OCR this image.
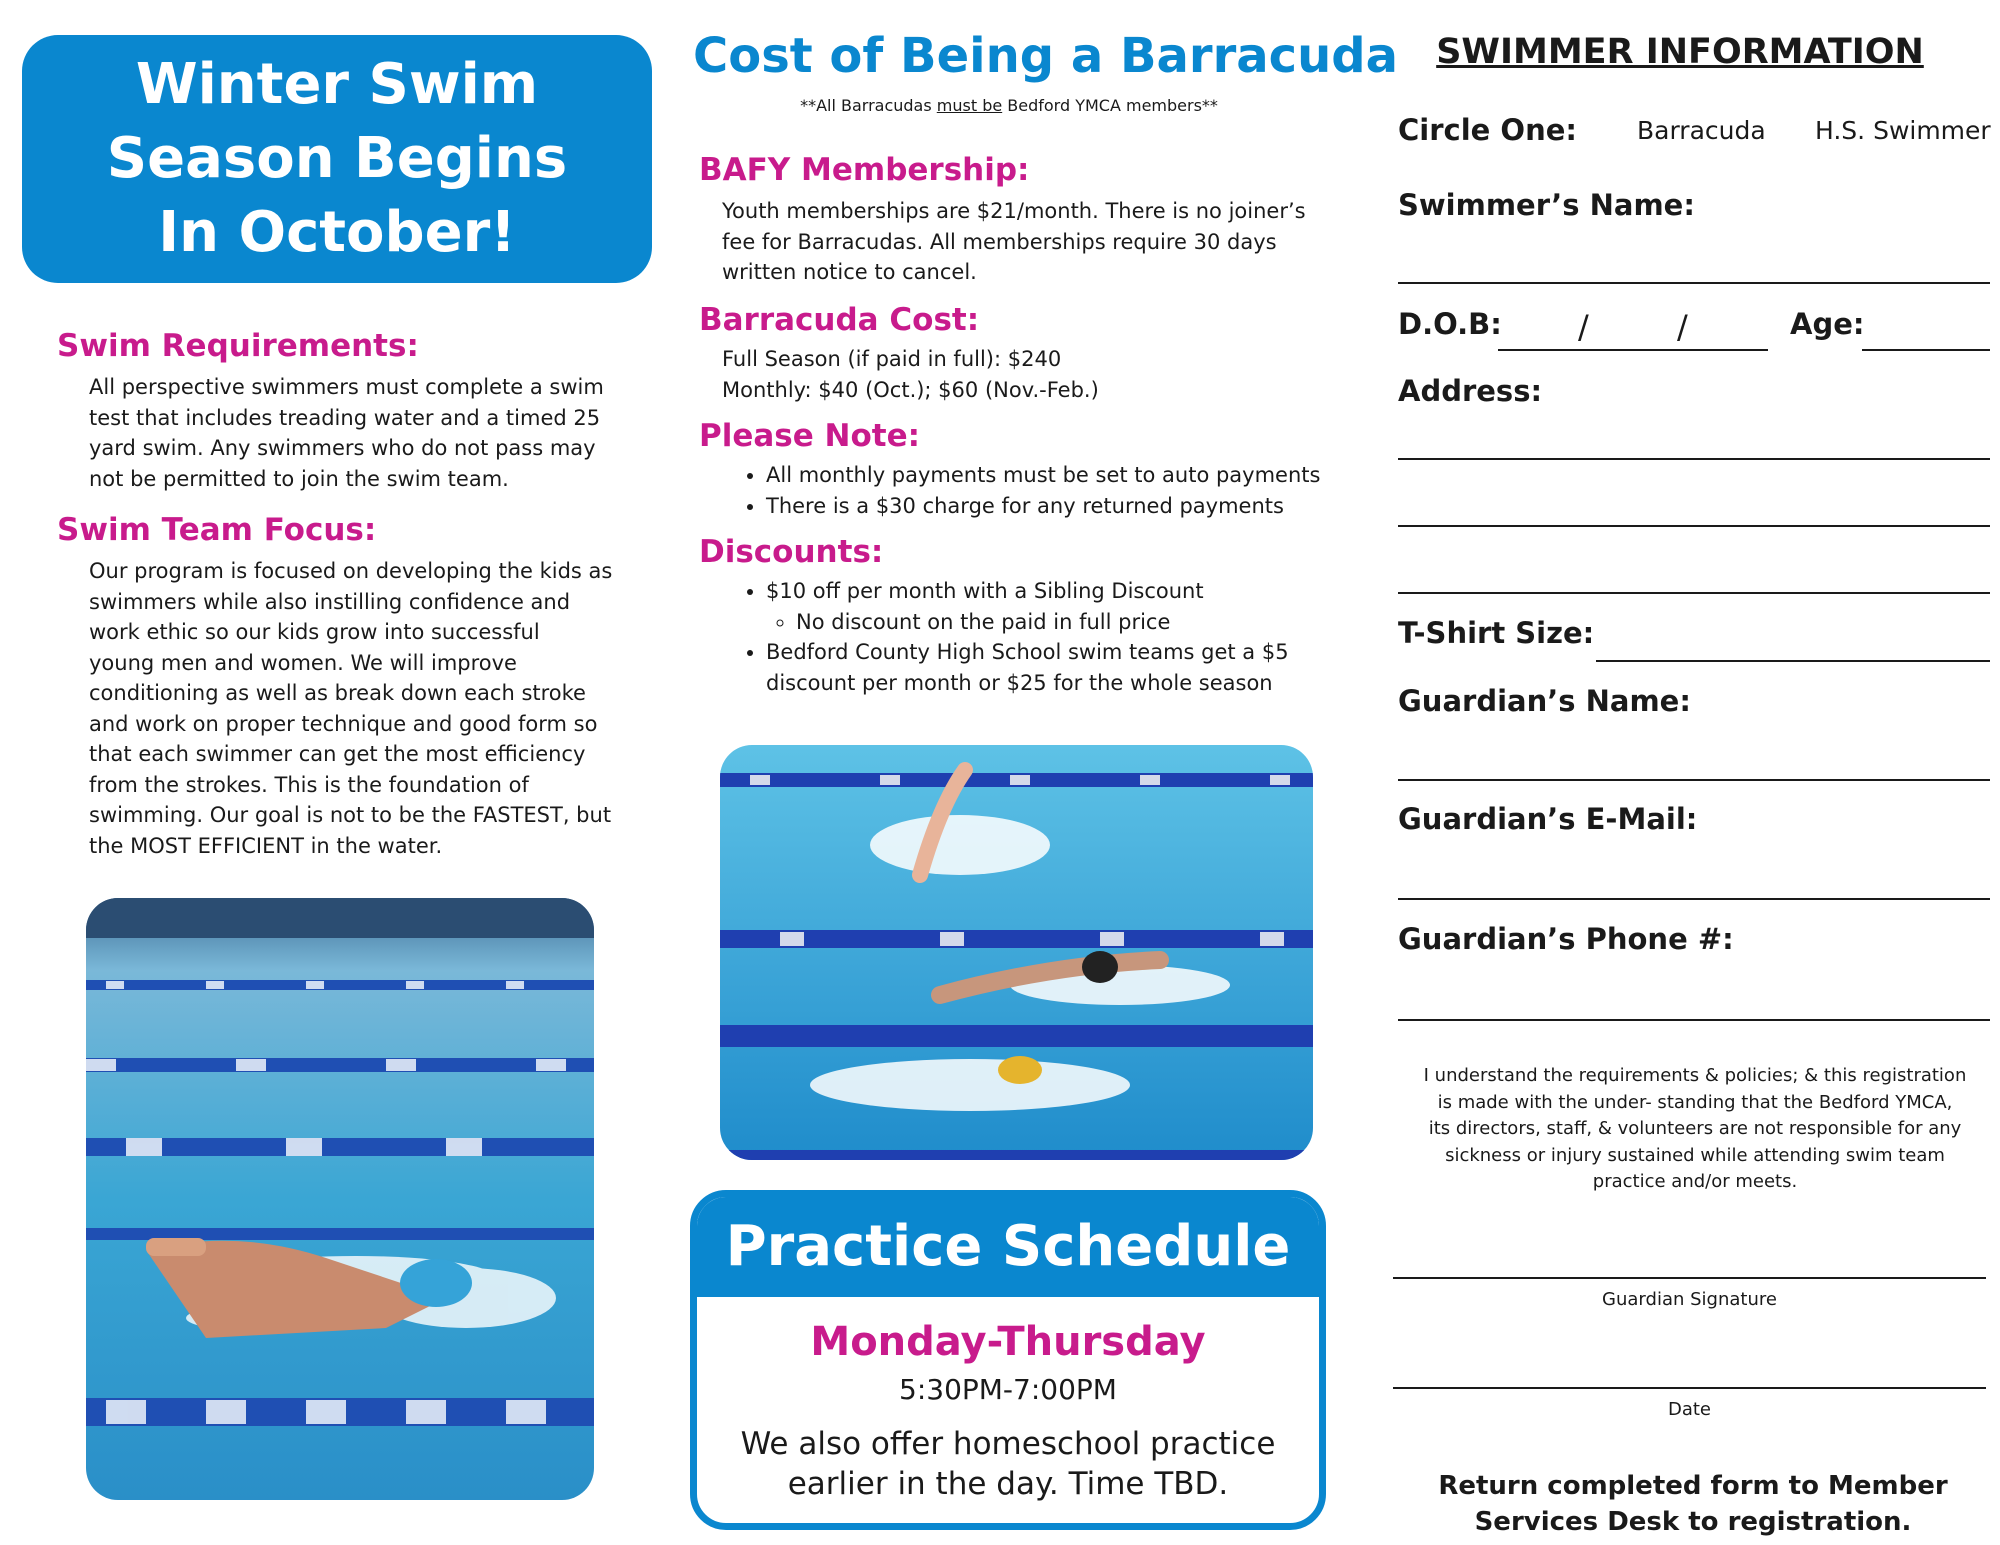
Winter Swim
Season Begins
In October!
Swim Requirements:
All perspective swimmers must complete a swim
test that includes treading water and a timed 25
yard swim. Any swimmers who do not pass may
not be permitted to join the swim team.
Swim Team Focus:
Our program is focused on developing the kids as
swimmers while also instilling confidence and
work ethic so our kids grow into successful
young men and women. We will improve
conditioning as well as break down each stroke
and work on proper technique and good form so
that each swimmer can get the most efficiency
from the strokes. This is the foundation of
swimming. Our goal is not to be the FASTEST, but
the MOST EFFICIENT in the water.
Cost of Being a Barracuda
**All Barracudas must be Bedford YMCA members**
BAFY Membership:
Youth memberships are $21/month. There is no joiner’s
fee for Barracudas. All memberships require 30 days
written notice to cancel.
Barracuda Cost:
Full Season (if paid in full): $240
Monthly: $40 (Oct.); $60 (Nov.-Feb.)
Please Note:
• All monthly payments must be set to auto payments
• There is a $30 charge for any returned payments
Discounts:
• $10 off per month with a Sibling Discount
◦ No discount on the paid in full price
• Bedford County High School swim teams get a $5
discount per month or $25 for the whole season
Practice Schedule
Monday-Thursday
5:30PM-7:00PM
We also offer homeschool practice
earlier in the day. Time TBD.
SWIMMER INFORMATION
Circle One: Barracuda H.S. Swimmer
Swimmer’s Name:
D.O.B: /	/	Age:
Address:
T-Shirt Size:
Guardian’s Name:
Guardian’s E-Mail:
Guardian’s Phone #:
I understand the requirements & policies; & this registration
is made with the under- standing that the Bedford YMCA,
its directors, staff, & volunteers are not responsible for any
sickness or injury sustained while attending swim team
practice and/or meets.
Guardian Signature
Date
Return completed form to Member
Services Desk to registration.
